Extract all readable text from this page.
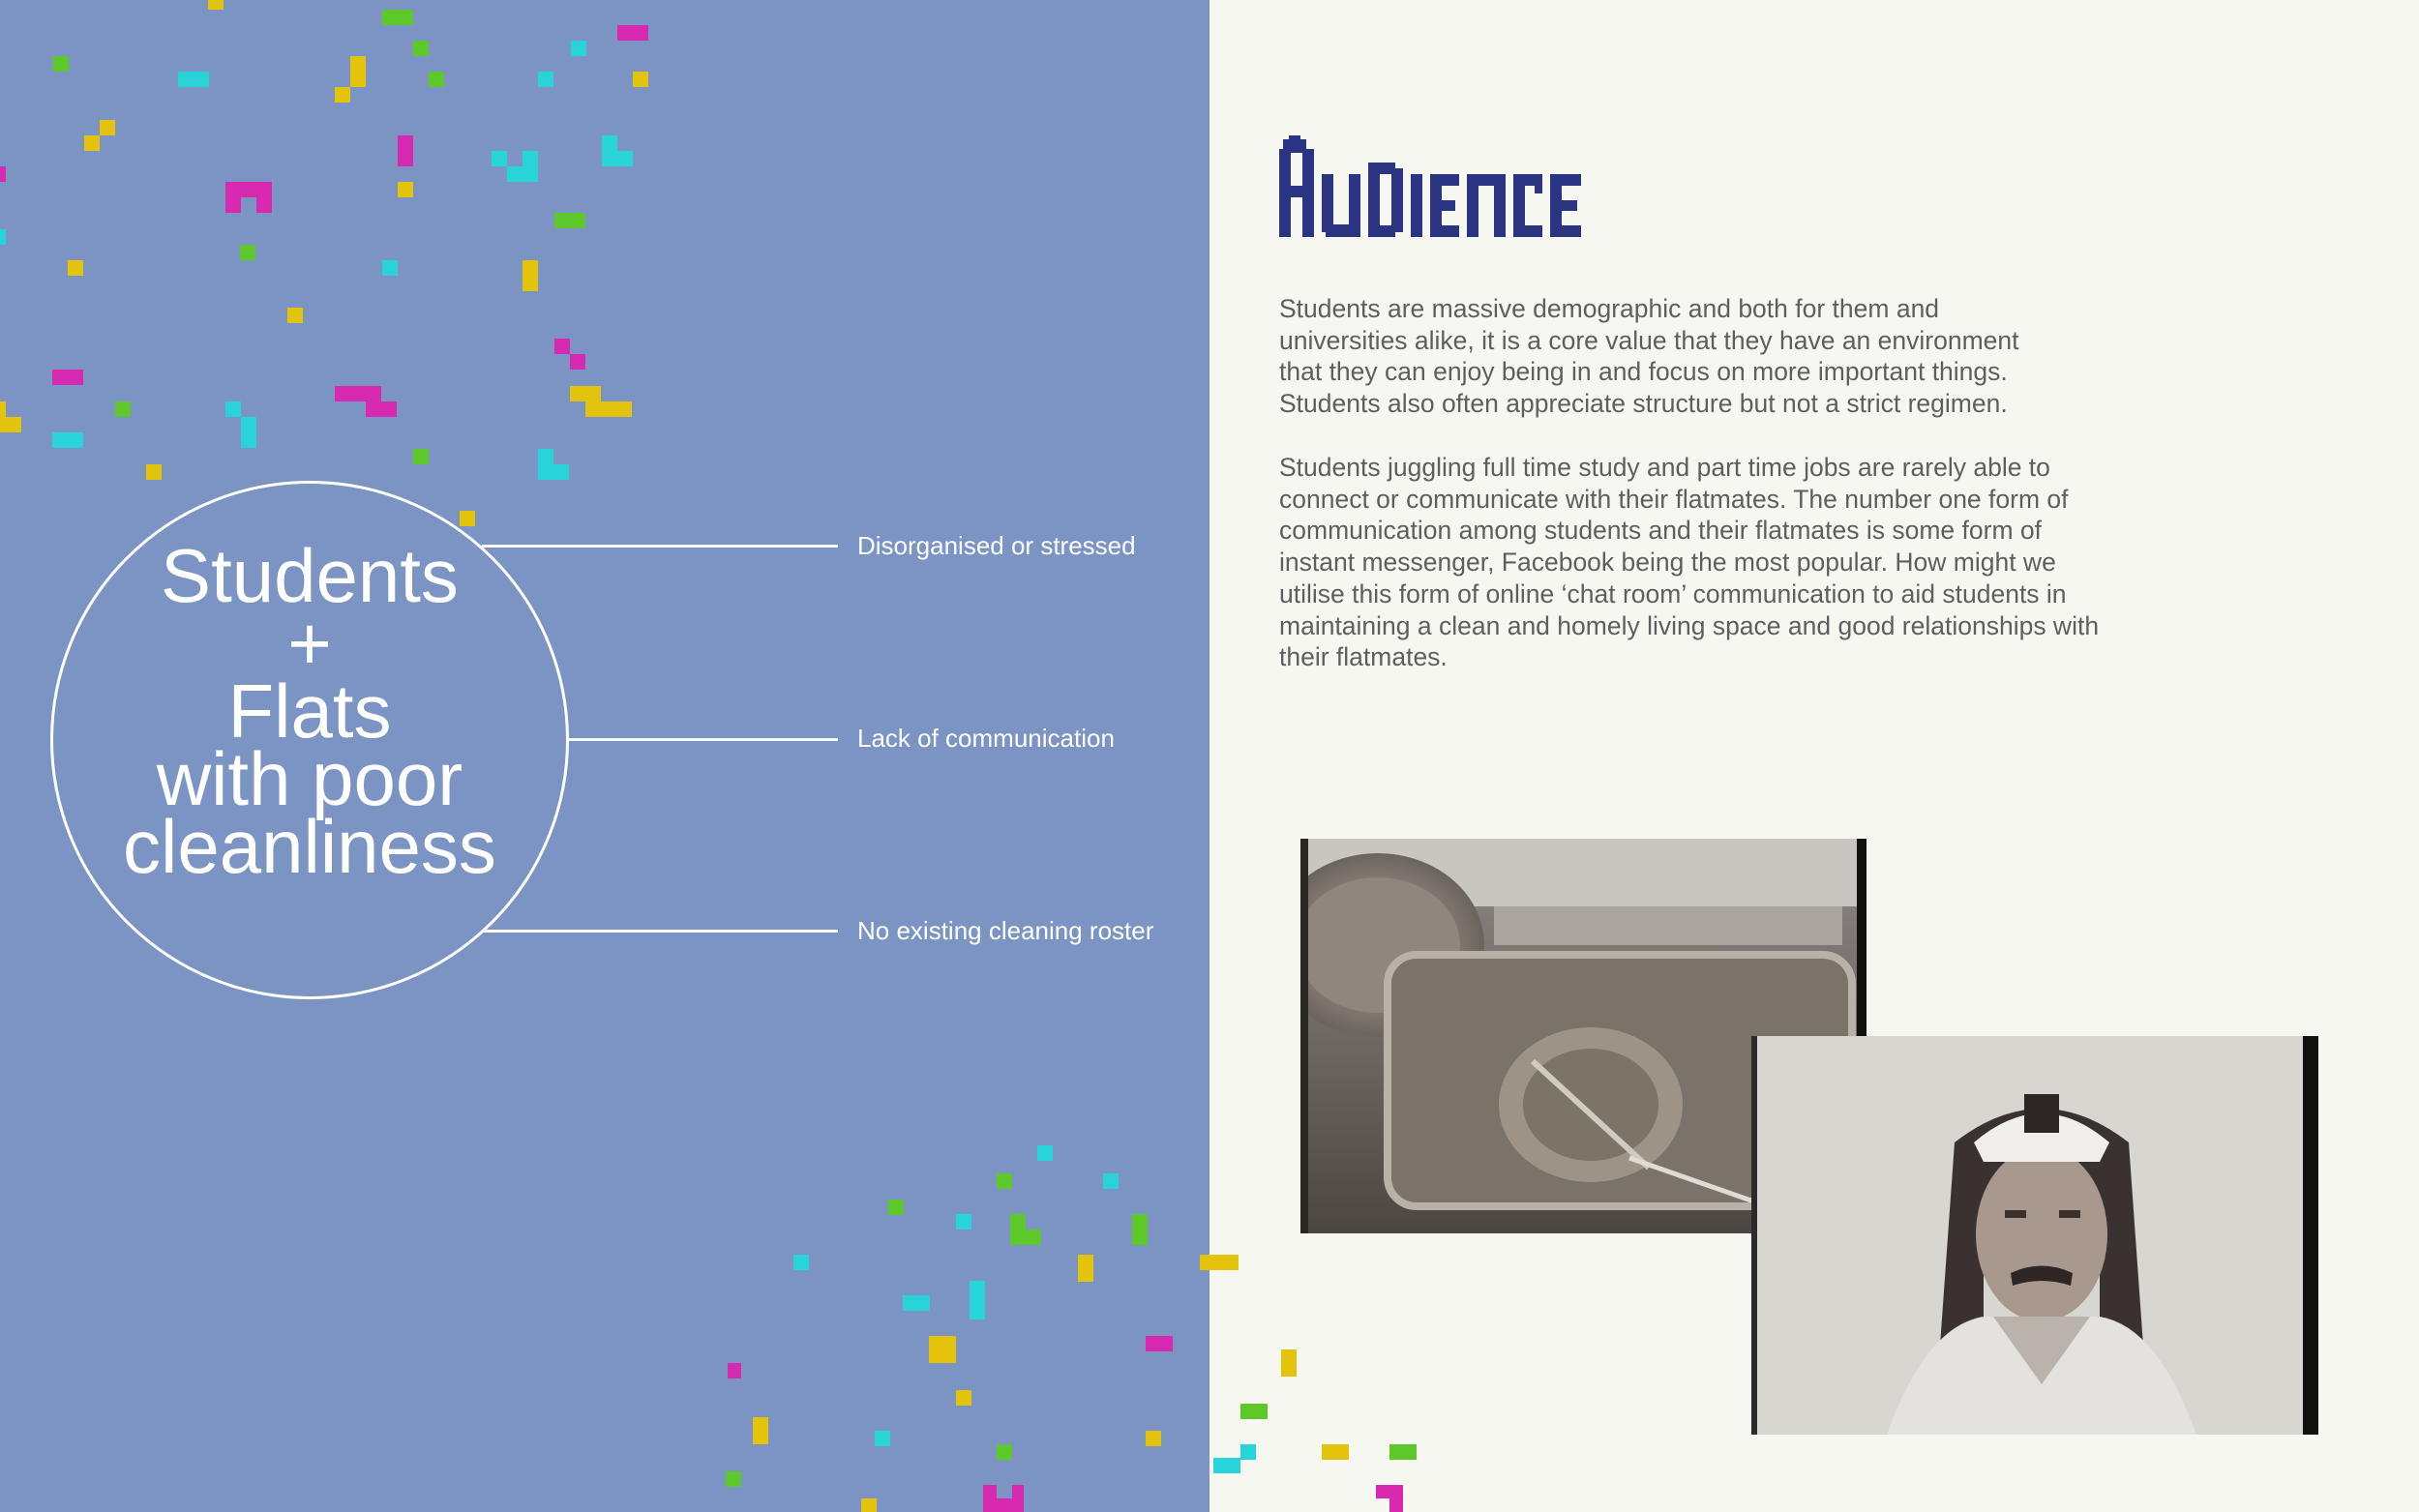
Students
+
Flats
with poor
cleanliness
Disorganised or stressed
Lack of communication
No existing cleaning roster

Students are massive demographic and both for them and universities alike, it is a core value that they have an environment that they can enjoy being in and focus on more important things. Students also often appreciate structure but not a strict regimen.

Students juggling full time study and part time jobs are rarely able to connect or communicate with their flatmates. The number one form of communication among students and their flatmates is some form of instant messenger, Facebook being the most popular. How might we utilise this form of online ‘chat room’ communication to aid students in maintaining a clean and homely living space and good relationships with their flatmates.
